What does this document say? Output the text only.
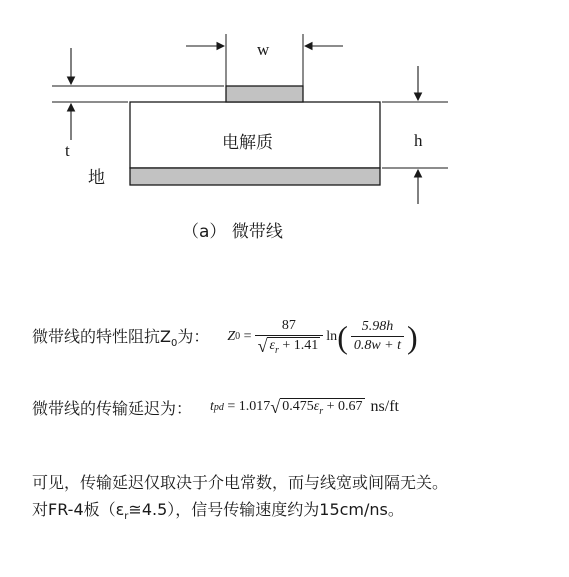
w
t
h
电解质
地
（a） 微带线
微带线的特性阻抗$Z_0$为： Z $0 = \frac{87}{√ \varepsilon_r + 1.41}$ ln ( $\frac{5.98h}{0.8w + t}$ )
微带线的传输延迟为： t pd
= 1.017 √ $0.475\varepsilon_r + 0.67$ ns/ft
可见，传输延迟仅取决于介电常数，而与线宽或间隔无关。
对FR-4板$(\varepsilon_r≅4.5)$，信号传输速度约为15cm/ns。
